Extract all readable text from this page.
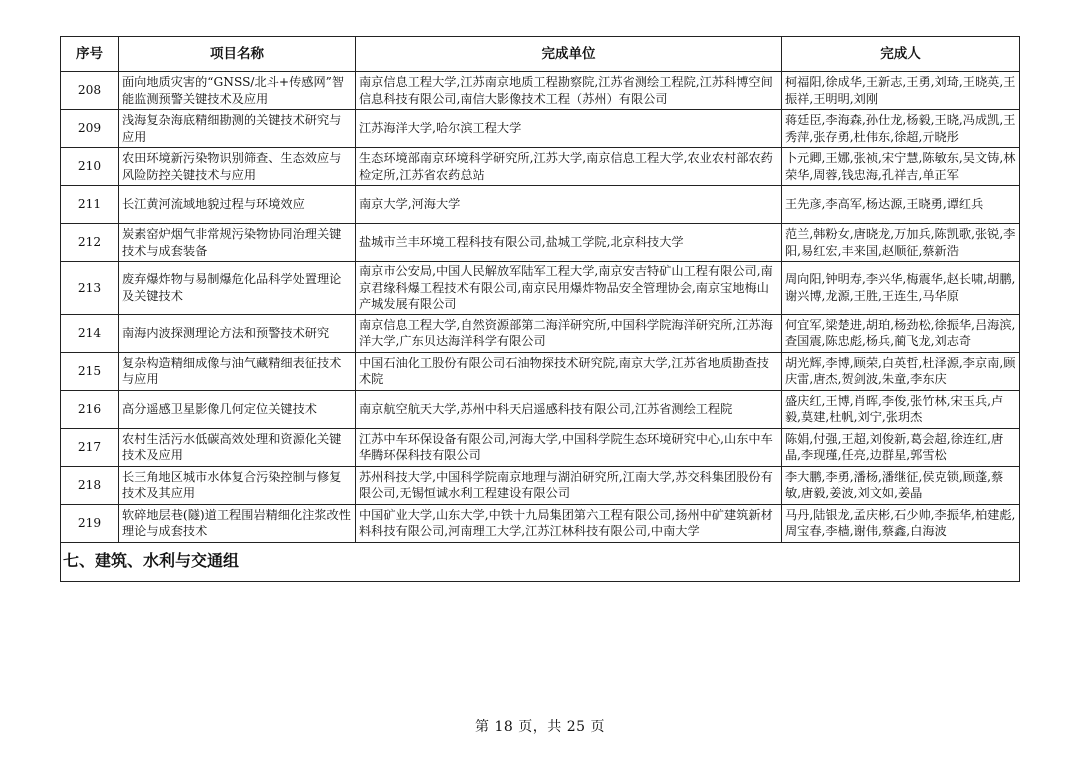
序号	项目名称	完成单位	完成人
208	面向地质灾害的“GNSS/北斗+传感网”智能监测预警关键技术及应用	南京信息工程大学,江苏南京地质工程勘察院,江苏省测绘工程院,江苏科博空间信息科技有限公司,南信大影像技术工程（苏州）有限公司	柯福阳,徐成华,王新志,王勇,刘琦,王晓英,王振祥,王明明,刘刚
209	浅海复杂海底精细勘测的关键技术研究与应用	江苏海洋大学,哈尔滨工程大学	蒋廷臣,李海森,孙仕龙,杨毅,王晓,冯成凯,王秀萍,张存勇,杜伟东,徐超,亓晓彤
210	农田环境新污染物识别筛查、生态效应与风险防控关键技术与应用	生态环境部南京环境科学研究所,江苏大学,南京信息工程大学,农业农村部农药检定所,江苏省农药总站	卜元卿,王娜,张祯,宋宁慧,陈敏东,吴文铸,林荣华,周蓉,钱忠海,孔祥吉,单正军
211	长江黄河流域地貌过程与环境效应	南京大学,河海大学	王先彦,李高军,杨达源,王晓勇,谭红兵
212	炭素窑炉烟气非常规污染物协同治理关键技术与成套装备	盐城市兰丰环境工程科技有限公司,盐城工学院,北京科技大学	范兰,韩粉女,唐晓龙,万加兵,陈凯歌,张锐,李阳,易红宏,丰来国,赵顺征,蔡新浩
213	废弃爆炸物与易制爆危化品科学处置理论及关键技术	南京市公安局,中国人民解放军陆军工程大学,南京安吉特矿山工程有限公司,南京君缘科爆工程技术有限公司,南京民用爆炸物品安全管理协会,南京宝地梅山产城发展有限公司	周向阳,钟明寿,李兴华,梅震华,赵长啸,胡鹏,谢兴博,龙源,王胜,王连生,马华原
214	南海内波探测理论方法和预警技术研究	南京信息工程大学,自然资源部第二海洋研究所,中国科学院海洋研究所,江苏海洋大学,广东贝达海洋科学有限公司	何宜军,梁楚进,胡珀,杨劲松,徐振华,吕海滨,查国震,陈忠彪,杨兵,蔺飞龙,刘志奇
215	复杂构造精细成像与油气藏精细表征技术与应用	中国石油化工股份有限公司石油物探技术研究院,南京大学,江苏省地质勘查技术院	胡光辉,李博,顾荣,白英哲,杜泽源,李京南,顾庆雷,唐杰,贺剑波,朱童,李东庆
216	高分遥感卫星影像几何定位关键技术	南京航空航天大学,苏州中科天启遥感科技有限公司,江苏省测绘工程院	盛庆红,王博,肖晖,李俊,张竹林,宋玉兵,卢毅,莫建,杜帆,刘宁,张玥杰
217	农村生活污水低碳高效处理和资源化关键技术及应用	江苏中车环保设备有限公司,河海大学,中国科学院生态环境研究中心,山东中车华腾环保科技有限公司	陈娟,付强,王超,刘俊新,葛会超,徐连红,唐晶,李现瑾,任亮,边群星,郭雪松
218	长三角地区城市水体复合污染控制与修复技术及其应用	苏州科技大学,中国科学院南京地理与湖泊研究所,江南大学,苏交科集团股份有限公司,无锡恒诚水利工程建设有限公司	李大鹏,李勇,潘杨,潘继征,侯克锁,顾蓬,蔡敏,唐毅,姜波,刘文如,姜晶
219	软碎地层巷(隧)道工程围岩精细化注浆改性理论与成套技术	中国矿业大学,山东大学,中铁十九局集团第六工程有限公司,扬州中矿建筑新材料科技有限公司,河南理工大学,江苏江林科技有限公司,中南大学	马丹,陆银龙,孟庆彬,石少帅,李振华,柏建彪,周宝春,李樯,谢伟,蔡鑫,白海波
七、建筑、水利与交通组			
第 18 页，共 25 页
